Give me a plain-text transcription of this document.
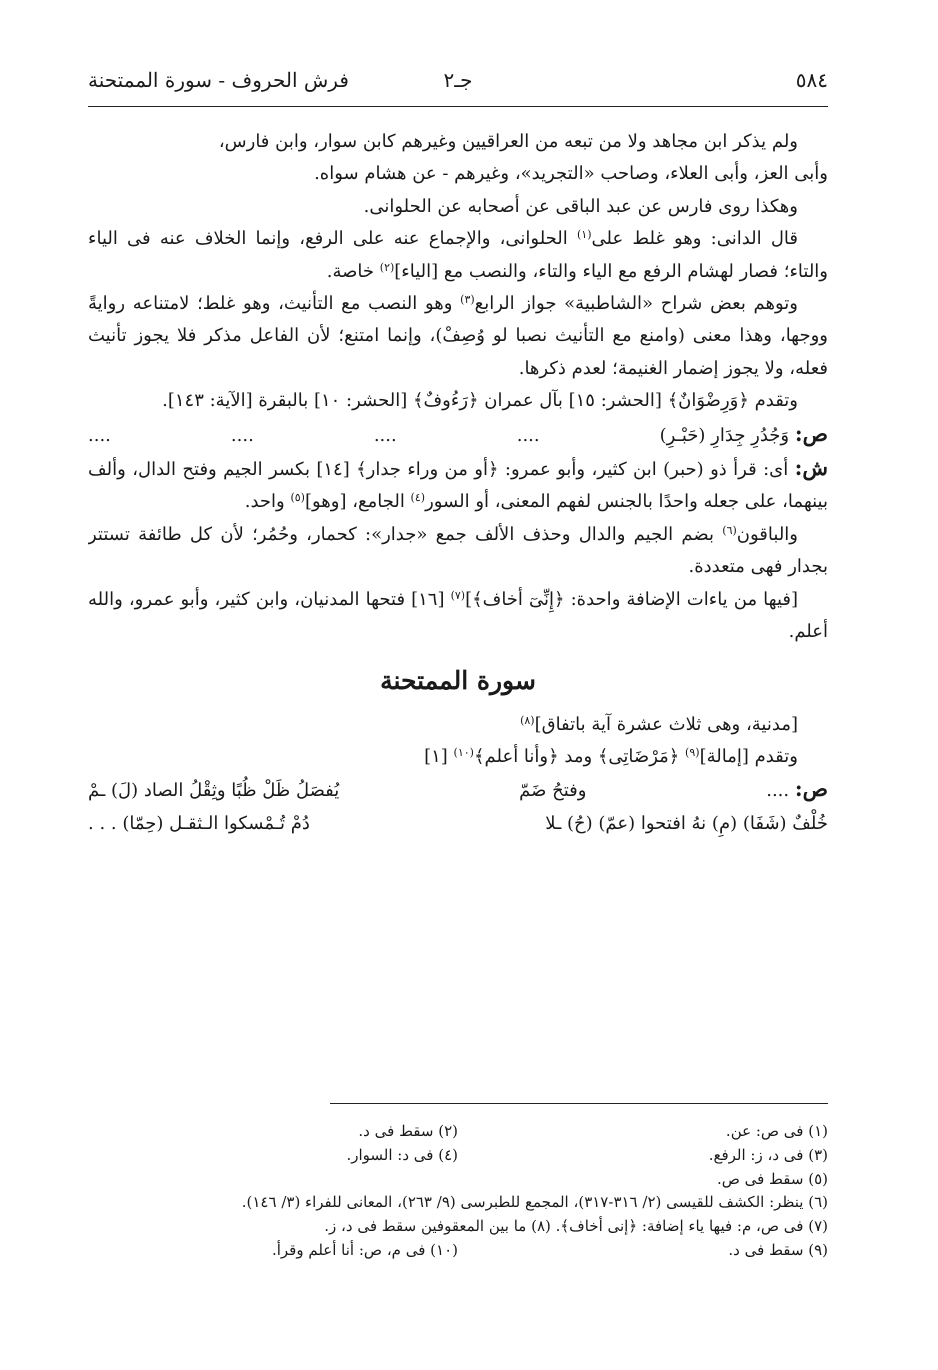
٥٨٤
جـ٢
فرش الحروف - سورة الممتحنة

ولم يذكر ابن مجاهد ولا من تبعه من العراقيين وغيرهم كابن سوار، وابن فارس،
وأبى العز، وأبى العلاء، وصاحب «التجريد»، وغيرهم - عن هشام سواه.

وهكذا روى فارس عن عبد الباقى عن أصحابه عن الحلوانى.

قال الدانى: وهو غلط على$^{(١)}$ الحلوانى، والإجماع عنه على الرفع، وإنما الخلاف عنه فى الياء والتاء؛ فصار لهشام الرفع مع الياء والتاء، والنصب مع [الياء]$^{(٢)}$ خاصة.

وتوهم بعض شراح «الشاطبية» جواز الرابع$^{(٣)}$ وهو النصب مع التأنيث، وهو غلط؛ لامتناعه روايةً ووجها، وهذا معنى (وامنع مع التأنيث نصبا لو وُصِفْ)، وإنما امتنع؛ لأن الفاعل مذكر فلا يجوز تأنيث فعله، ولا يجوز إضمار الغنيمة؛ لعدم ذكرها.

وتقدم ﴿وَرِضْوَانٌ﴾ [الحشر: ١٥] بآل عمران ﴿رَءُوفٌ﴾ [الحشر: ١٠] بالبقرة [الآية: ١٤٣].

ص: وَجُدُرِ جِدَارِ (حَبْـرِ)
....
....
....
....

ش: أى: قرأ ذو (حبر) ابن كثير، وأبو عمرو: ﴿أو من وراء جدار﴾ [١٤] بكسر الجيم وفتح الدال، وألف بينهما، على جعله واحدًا بالجنس لفهم المعنى، أو السور$^{(٤)}$ الجامع، [وهو]$^{(٥)}$ واحد.

والباقون$^{(٦)}$ بضم الجيم والدال وحذف الألف جمع «جدار»: كحمار، وحُمُر؛ لأن كل طائفة تستتر بجدار فهى متعددة.

[فيها من ياءات الإضافة واحدة: ﴿إِنِّىٓ أخاف﴾]$^{(٧)}$ [١٦] فتحها المدنيان، وابن كثير، وأبو عمرو، والله أعلم.

سورة الممتحنة

[مدنية، وهى ثلاث عشرة آية باتفاق]$^{(٨)}$

وتقدم [إمالة]$^{(٩)}$ ﴿مَرْضَاتِى﴾ ومد ﴿وأنا أعلم﴾$^{(١٠)}$ [١]

ص: ....
وفتحُ ضَمّ
يُفصَلُ ظَلْ ظُبًا وثِقْلُ الصاد (لَ) ـمْ
خُلْفٌ (شَفَا) (مِ) نهُ افتحوا (عمّ) (حُ) ـلا
دُمْ تُـمْسكوا الـثقـل (حِمّا) . . .
(١) فى ص: عن.
(٢) سقط فى د.
(٣) فى د، ز: الرفع.
(٤) فى د: السوار.
(٥) سقط فى ص.
(٦) ينظر: الكشف للقيسى (٢/ ٣١٦-٣١٧)، المجمع للطبرسى (٩/ ٢٦٣)، المعانى للفراء (٣/ ١٤٦).
(٧) فى ص، م: فيها ياء إضافة: ﴿إنى أخاف﴾. (٨) ما بين المعقوفين سقط فى د، ز.
(٩) سقط فى د.
(١٠) فى م، ص: أنا أعلم وقرأ.
